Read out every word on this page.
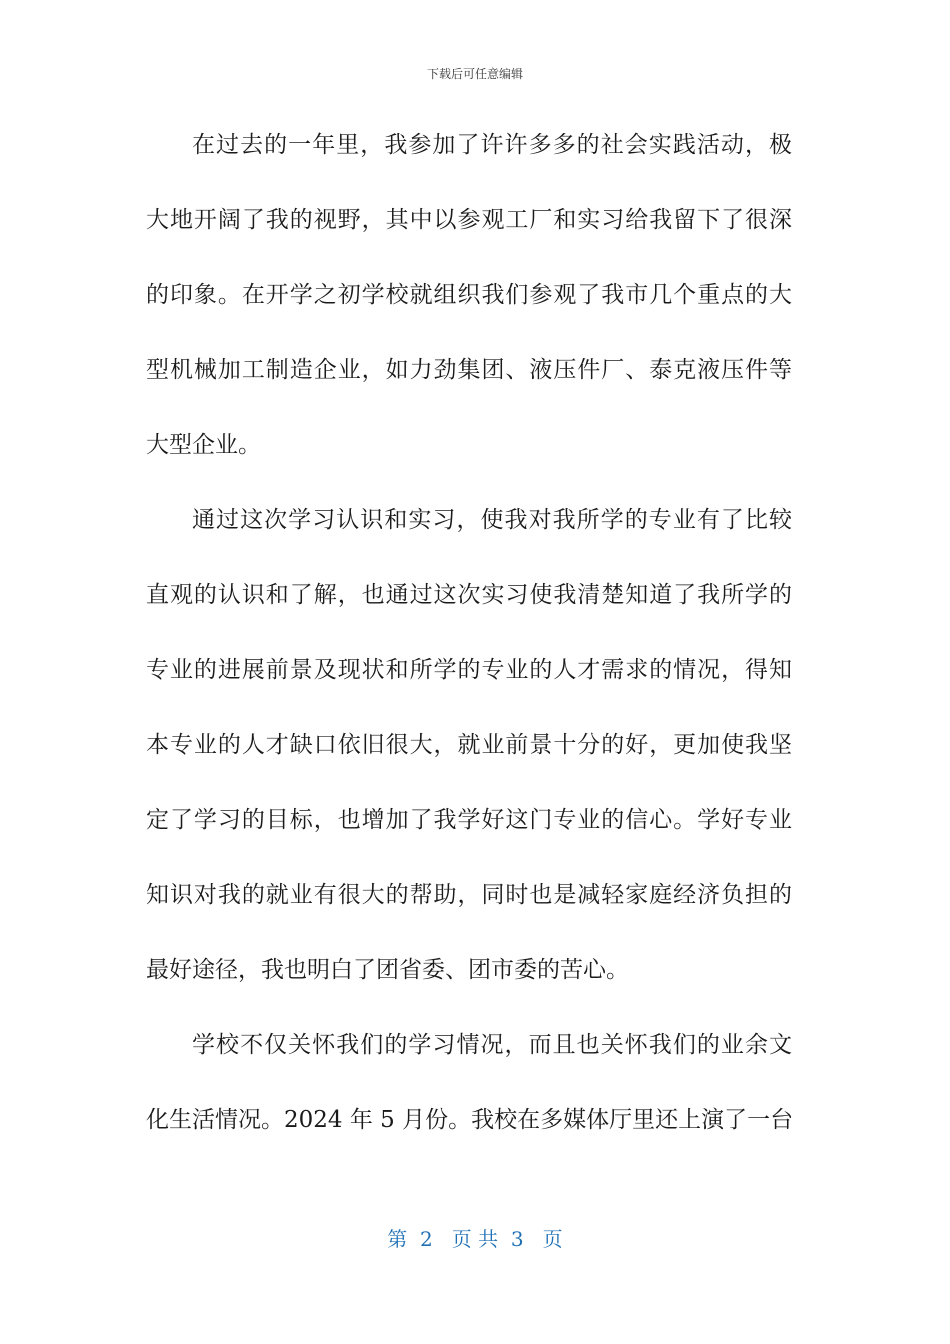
下载后可任意编辑
在过去的一年里，我参加了许许多多的社会实践活动，极
大地开阔了我的视野，其中以参观工厂和实习给我留下了很深
的印象。在开学之初学校就组织我们参观了我市几个重点的大
型机械加工制造企业，如力劲集团、液压件厂、泰克液压件等
大型企业。
通过这次学习认识和实习，使我对我所学的专业有了比较
直观的认识和了解，也通过这次实习使我清楚知道了我所学的
专业的进展前景及现状和所学的专业的人才需求的情况，得知
本专业的人才缺口依旧很大，就业前景十分的好，更加使我坚
定了学习的目标，也增加了我学好这门专业的信心。学好专业
知识对我的就业有很大的帮助，同时也是减轻家庭经济负担的
最好途径，我也明白了团省委、团市委的苦心。
学校不仅关怀我们的学习情况，而且也关怀我们的业余文
化生活情况。2024 年 5 月份。我校在多媒体厅里还上演了一台
第  2   页 共  3   页
